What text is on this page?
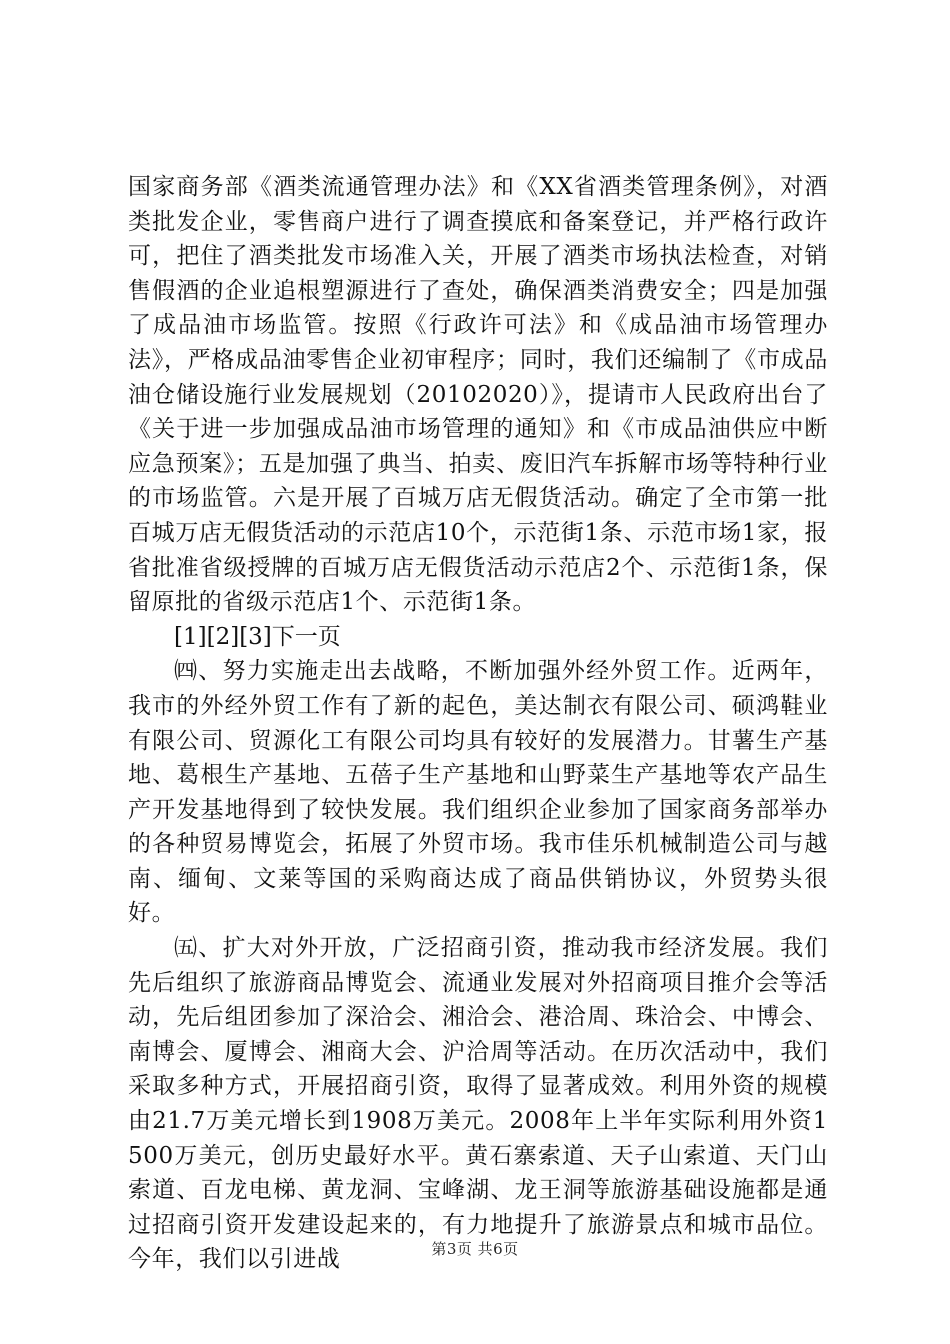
国家商务部《酒类流通管理办法》和《XX省酒类管理条例》，对酒类批发企业，零售商户进行了调查摸底和备案登记，并严格行政许可，把住了酒类批发市场准入关，开展了酒类市场执法检查，对销售假酒的企业追根塑源进行了查处，确保酒类消费安全；四是加强了成品油市场监管。按照《行政许可法》和《成品油市场管理办法》，严格成品油零售企业初审程序；同时，我们还编制了《市成品油仓储设施行业发展规划（20102020）》，提请市人民政府出台了《关于进一步加强成品油市场管理的通知》和《市成品油供应中断应急预案》；五是加强了典当、拍卖、废旧汽车拆解市场等特种行业的市场监管。六是开展了百城万店无假货活动。确定了全市第一批百城万店无假货活动的示范店10个，示范街1条、示范市场1家，报省批准省级授牌的百城万店无假货活动示范店2个、示范街1条，保留原批的省级示范店1个、示范街1条。

[1][2][3]下一页

㈣、努力实施走出去战略，不断加强外经外贸工作。近两年，我市的外经外贸工作有了新的起色，美达制衣有限公司、硕鸿鞋业有限公司、贸源化工有限公司均具有较好的发展潜力。甘薯生产基地、葛根生产基地、五蓓子生产基地和山野菜生产基地等农产品生产开发基地得到了较快发展。我们组织企业参加了国家商务部举办的各种贸易博览会，拓展了外贸市场。我市佳乐机械制造公司与越南、缅甸、文莱等国的采购商达成了商品供销协议，外贸势头很好。

㈤、扩大对外开放，广泛招商引资，推动我市经济发展。我们先后组织了旅游商品博览会、流通业发展对外招商项目推介会等活动，先后组团参加了深洽会、湘洽会、港洽周、珠洽会、中博会、南博会、厦博会、湘商大会、沪洽周等活动。在历次活动中，我们采取多种方式，开展招商引资，取得了显著成效。利用外资的规模由21.7万美元增长到1908万美元。2008年上半年实际利用外资1500万美元，创历史最好水平。黄石寨索道、天子山索道、天门山索道、百龙电梯、黄龙洞、宝峰湖、龙王洞等旅游基础设施都是通过招商引资开发建设起来的，有力地提升了旅游景点和城市品位。今年，我们以引进战	第3页 共6页
